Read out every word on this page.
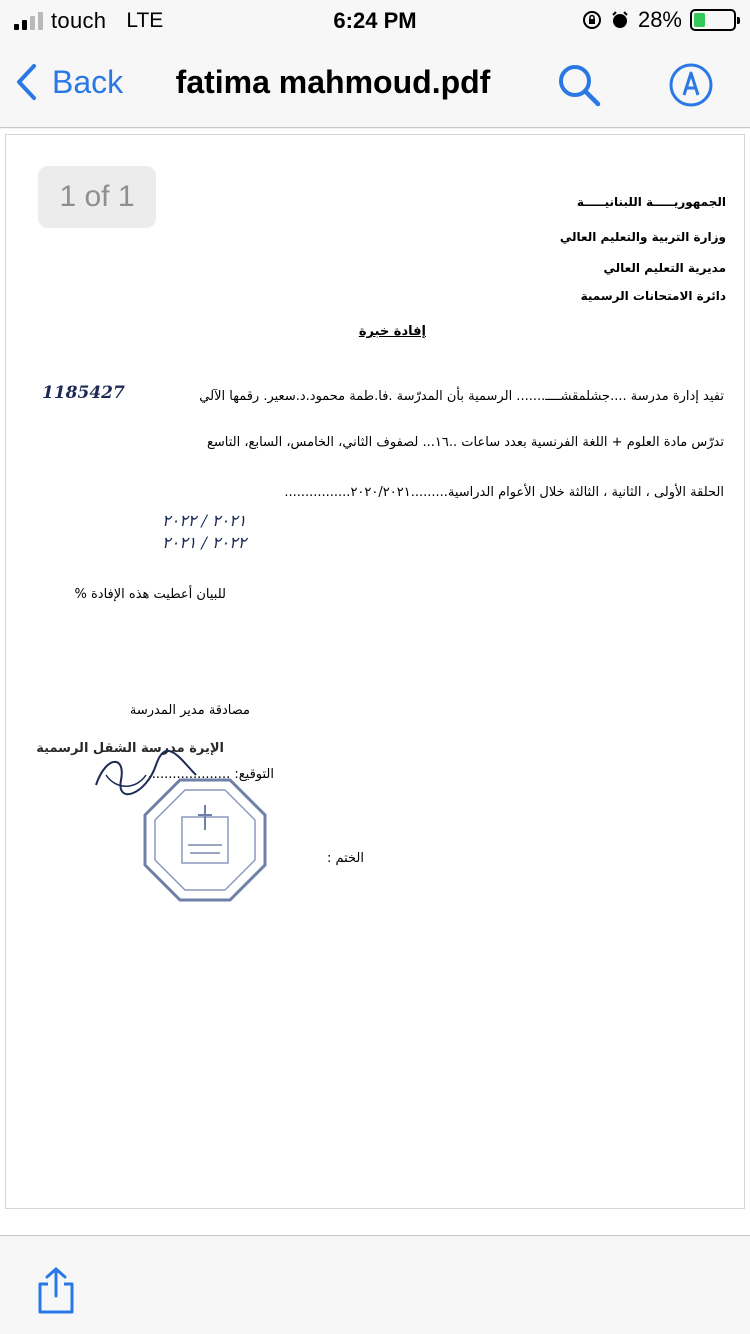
touch LTE	6:24 PM	28%
Back	fatima mahmoud.pdf
الجمهوريـــــة اللبنانيـــــة
وزارة التربية والتعليم العالي
مديرية التعليم العالي
دائرة الامتحانات الرسمية
إفادة خبرة
تفيد إدارة مدرسة ....جشلمقشــــ....... الرسمية بأن المدرّسة .فا.طمة محمود.د.سعير. رقمها الآلي
1185427
تدرّس مادة العلوم + اللغة الفرنسية بعدد ساعات ..١٦... لصفوف الثاني، الخامس، السابع، التاسع
الحلقة الأولى ، الثانية ، الثالثة خلال الأعوام الدراسية.........٢٠٢٠/٢٠٢١................
٢٠٢١ / ٢٠٢٢
٢٠٢٢ / ٢٠٢١
للبيان أعطيت هذه الإفادة %
مصادقة مدير المدرسة
الإيرة مدرسة الشقل الرسمية
التوقيع: ....................
الختم :
1 of 1
